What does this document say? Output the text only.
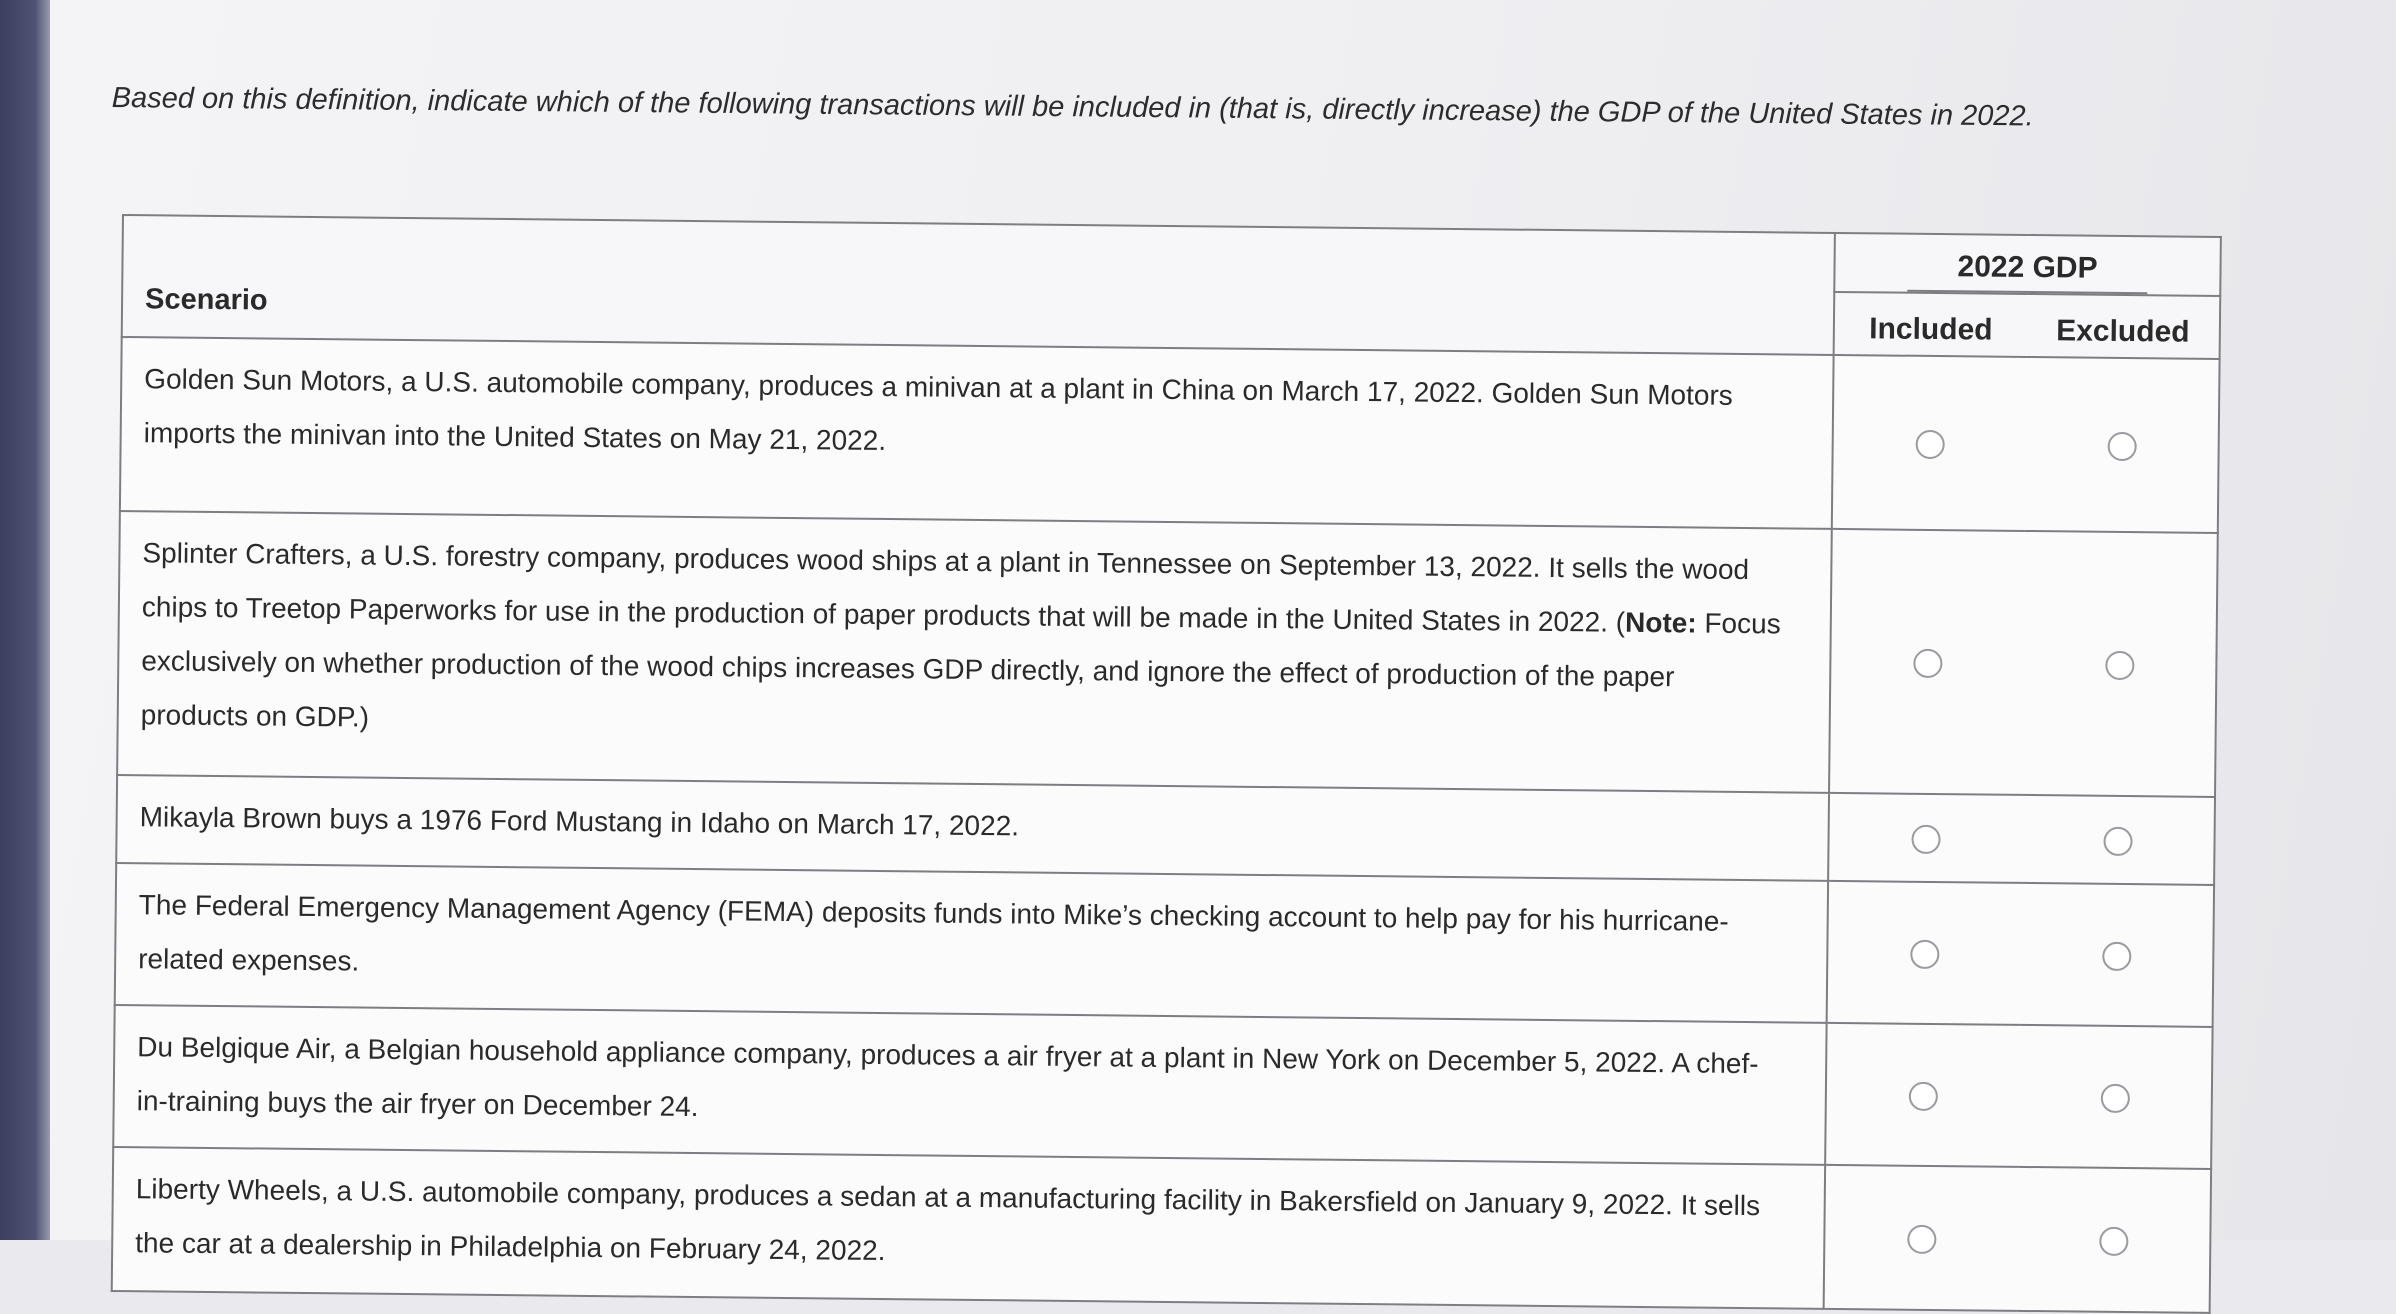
Based on this definition, indicate which of the following transactions will be included in (that is, directly increase) the GDP of the United States in 2022.

Scenario	2022 GDP	
	Included	Excluded
Golden Sun Motors, a U.S. automobile company, produces a minivan at a plant in China on March 17, 2022. Golden Sun Motors imports the minivan into the United States on May 21, 2022.		
Splinter Crafters, a U.S. forestry company, produces wood ships at a plant in Tennessee on September 13, 2022. It sells the wood chips to Treetop Paperworks for use in the production of paper products that will be made in the United States in 2022. (Note: Focus exclusively on whether production of the wood chips increases GDP directly, and ignore the effect of production of the paper products on GDP.)		
Mikayla Brown buys a 1976 Ford Mustang in Idaho on March 17, 2022.		
The Federal Emergency Management Agency (FEMA) deposits funds into Mike’s checking account to help pay for his hurricane-related expenses.		
Du Belgique Air, a Belgian household appliance company, produces a air fryer at a plant in New York on December 5, 2022. A chef-in-training buys the air fryer on December 24.		
Liberty Wheels, a U.S. automobile company, produces a sedan at a manufacturing facility in Bakersfield on January 9, 2022. It sells the car at a dealership in Philadelphia on February 24, 2022.		
